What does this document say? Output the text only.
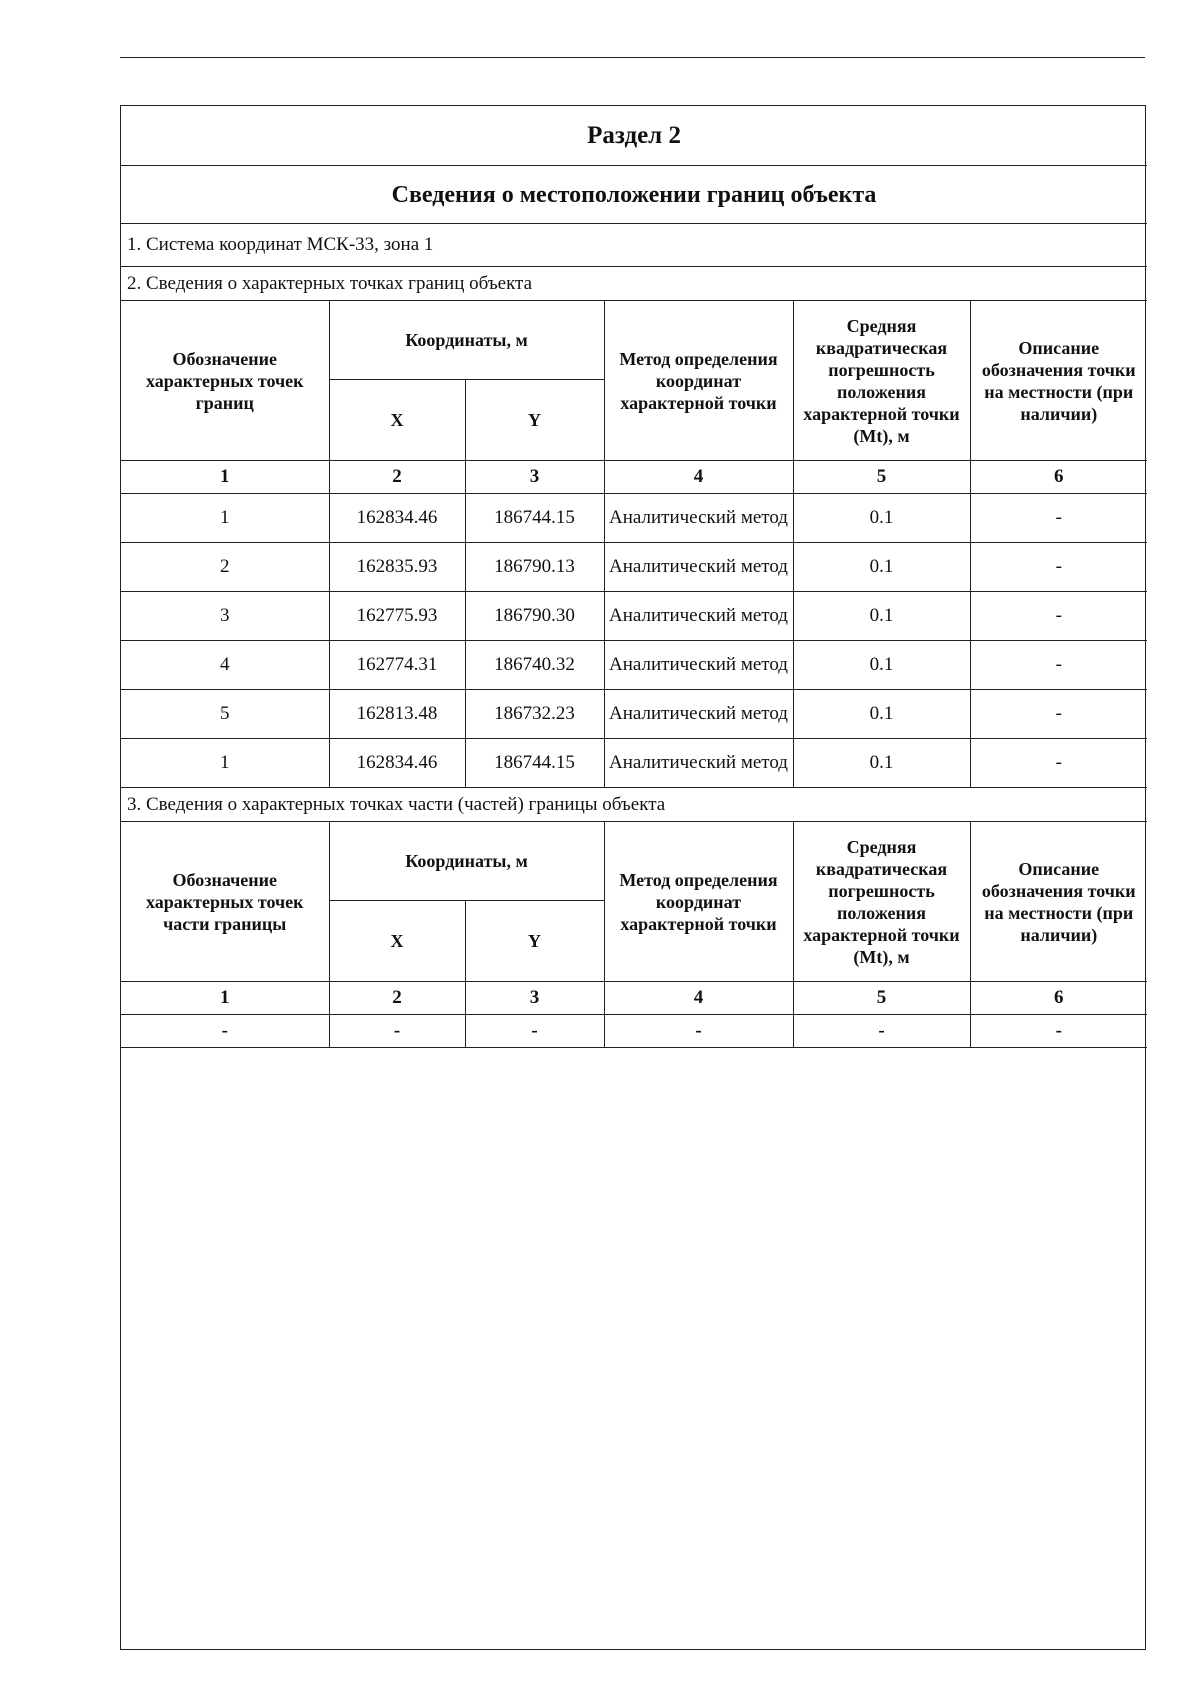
Раздел 2					
Сведения о местоположении границ объекта					
1. Система координат МСК-33, зона 1					
2. Сведения о характерных точках границ объекта					
Обозначение характерных точек границ	Координаты, м		Метод определения координат характерной точки	Средняя квадратическая погрешность положения характерной точки (Mt), м	Описание обозначения точки на местности (при наличии)
	X	Y			
1	2	3	4	5	6
1	162834.46	186744.15	Аналитический метод	0.1	-
2	162835.93	186790.13	Аналитический метод	0.1	-
3	162775.93	186790.30	Аналитический метод	0.1	-
4	162774.31	186740.32	Аналитический метод	0.1	-
5	162813.48	186732.23	Аналитический метод	0.1	-
1	162834.46	186744.15	Аналитический метод	0.1	-
3. Сведения о характерных точках части (частей) границы объекта					
Обозначение характерных точек части границы	Координаты, м		Метод определения координат характерной точки	Средняя квадратическая погрешность положения характерной точки (Mt), м	Описание обозначения точки на местности (при наличии)
	X	Y			
1	2	3	4	5	6
-	-	-	-	-	-
